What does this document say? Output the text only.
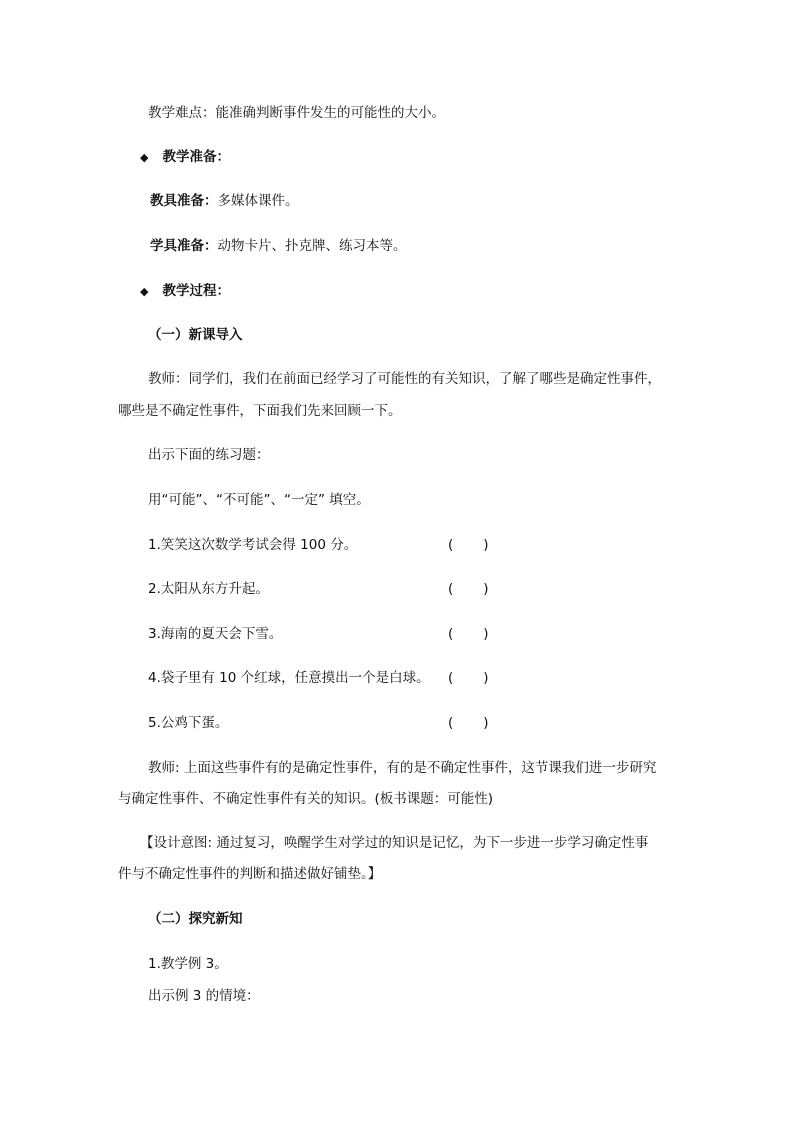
教学难点：能准确判断事件发生的可能性的大小。
◆ 教学准备：
教具准备：多媒体课件。
学具准备：动物卡片、扑克牌、练习本等。
◆ 教学过程：
（一）新课导入
教师：同学们，我们在前面已经学习了可能性的有关知识，了解了哪些是确定性事件，
哪些是不确定性事件，下面我们先来回顾一下。
出示下面的练习题：
用“可能”、“不可能”、“一定” 填空。
1.笑笑这次数学考试会得 100 分。	( )
2.太阳从东方升起。	( )
3.海南的夏天会下雪。	( )
4.袋子里有 10 个红球，任意摸出一个是白球。 ( )
5.公鸡下蛋。	( )
教师: 上面这些事件有的是确定性事件，有的是不确定性事件，这节课我们进一步研究
与确定性事件、不确定性事件有关的知识。(板书课题：可能性)
【设计意图: 通过复习，唤醒学生对学过的知识是记忆，为下一步进一步学习确定性事
件与不确定性事件的判断和描述做好铺垫。】
（二）探究新知
1.教学例 3。
出示例 3 的情境：
